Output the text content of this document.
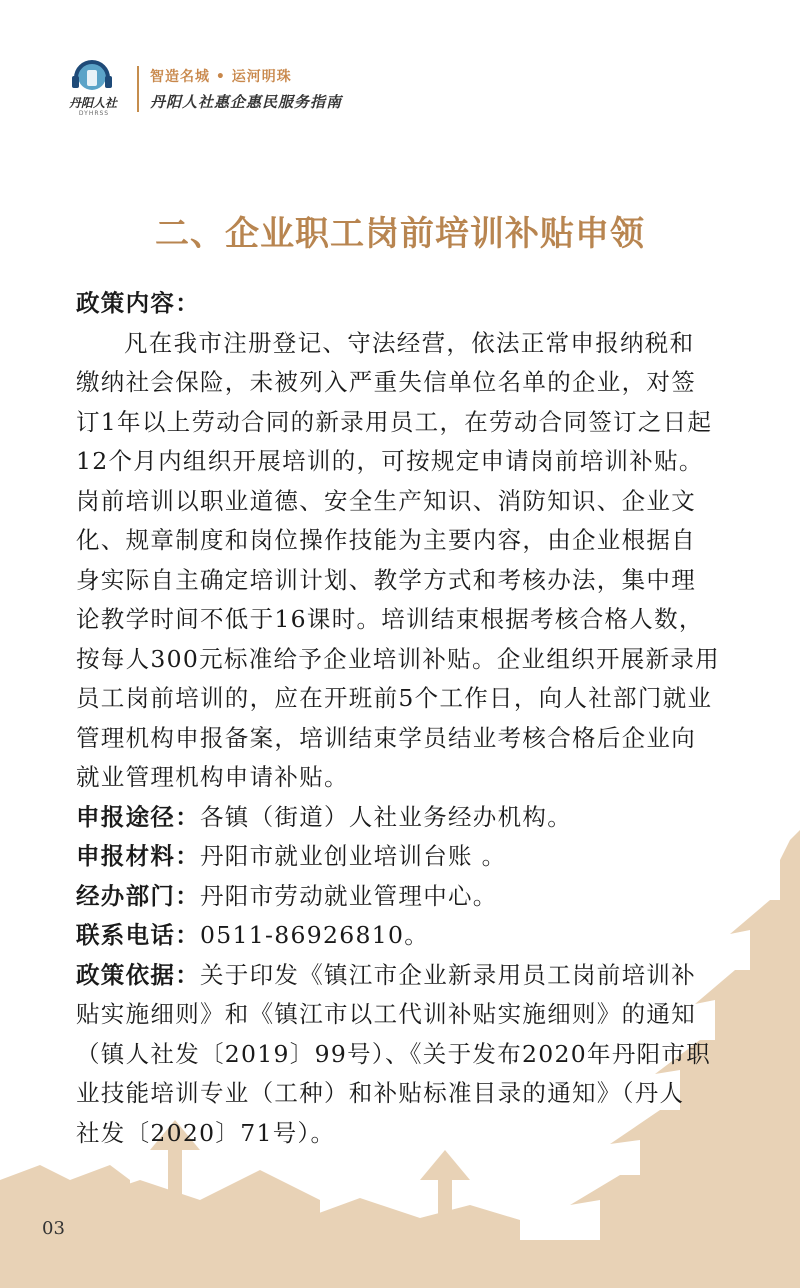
丹阳人社
DYHRSS
智造名城 • 运河明珠
丹阳人社惠企惠民服务指南
二、企业职工岗前培训补贴申领
政策内容：
凡在我市注册登记、守法经营，依法正常申报纳税和
缴纳社会保险，未被列入严重失信单位名单的企业，对签
订1年以上劳动合同的新录用员工，在劳动合同签订之日起
12个月内组织开展培训的，可按规定申请岗前培训补贴。
岗前培训以职业道德、安全生产知识、消防知识、企业文
化、规章制度和岗位操作技能为主要内容，由企业根据自
身实际自主确定培训计划、教学方式和考核办法，集中理
论教学时间不低于16课时。培训结束根据考核合格人数，
按每人300元标准给予企业培训补贴。企业组织开展新录用
员工岗前培训的，应在开班前5个工作日，向人社部门就业
管理机构申报备案，培训结束学员结业考核合格后企业向
就业管理机构申请补贴。
申报途径：各镇（街道）人社业务经办机构。
申报材料：丹阳市就业创业培训台账 。
经办部门：丹阳市劳动就业管理中心。
联系电话：0511-86926810。
政策依据：关于印发《镇江市企业新录用员工岗前培训补
贴实施细则》和《镇江市以工代训补贴实施细则》的通知
（镇人社发〔2019〕99号）、《关于发布2020年丹阳市职
业技能培训专业（工种）和补贴标准目录的通知》（丹人
社发〔2020〕71号）。
03
